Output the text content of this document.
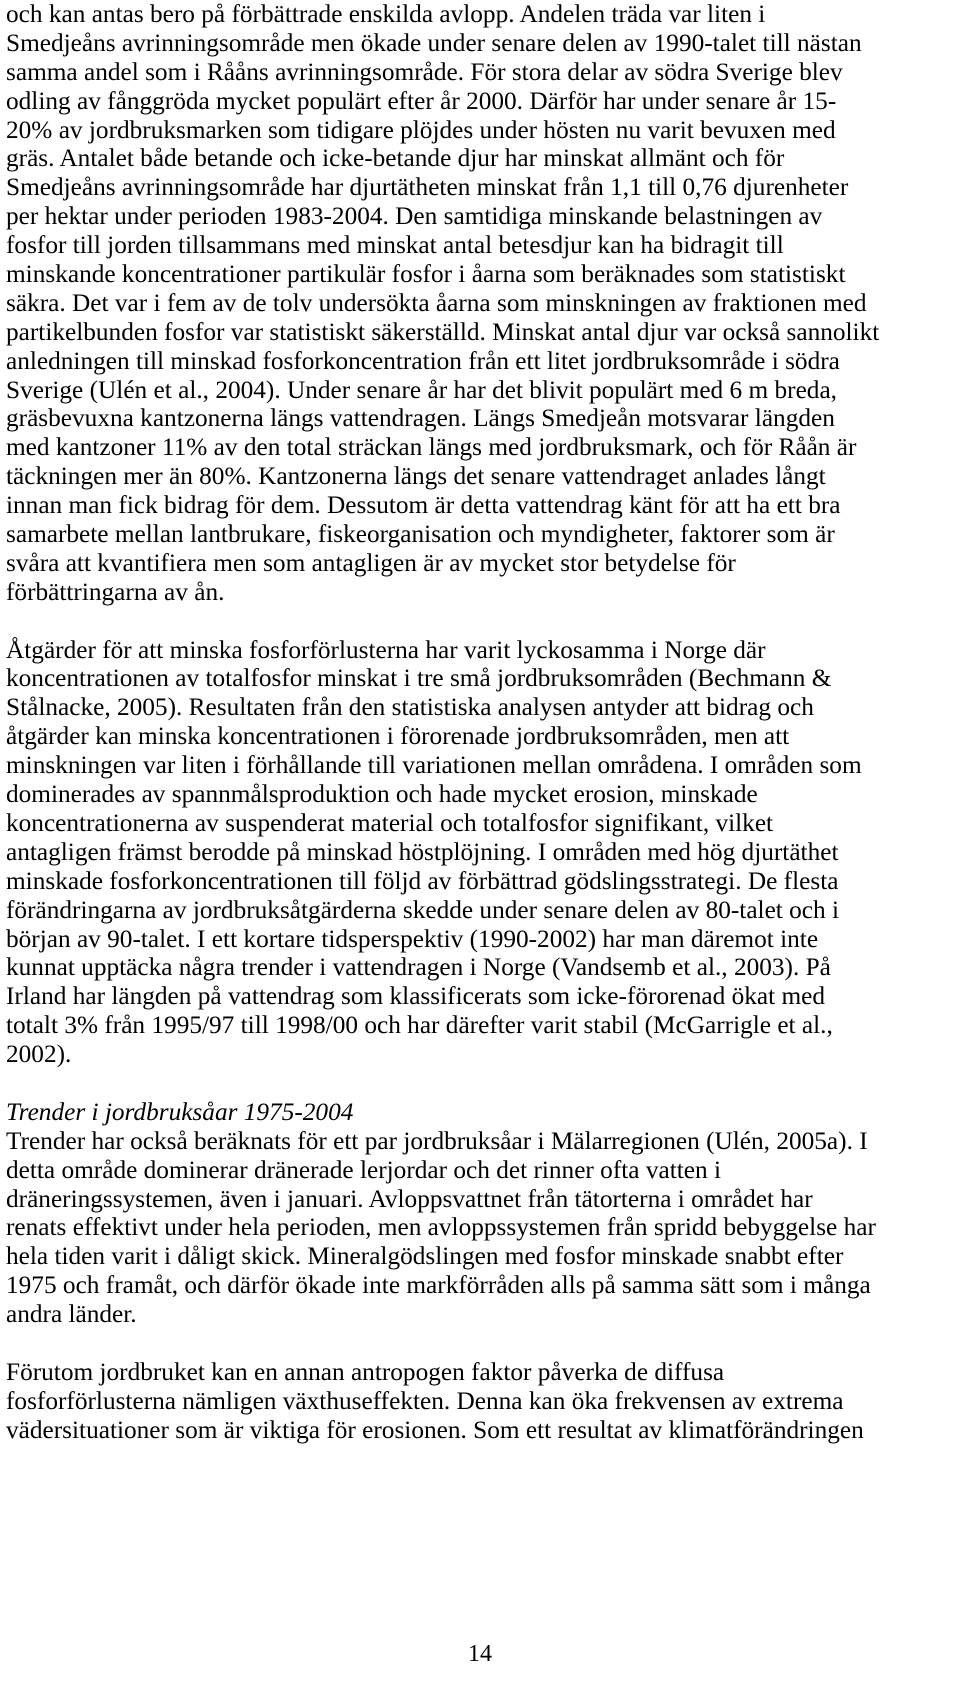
och kan antas bero på förbättrade enskilda avlopp. Andelen träda var liten i
Smedjeåns avrinningsområde men ökade under senare delen av 1990-talet till nästan
samma andel som i Rååns avrinningsområde. För stora delar av södra Sverige blev
odling av fånggröda mycket populärt efter år 2000. Därför har under senare år 15-
20% av jordbruksmarken som tidigare plöjdes under hösten nu varit bevuxen med
gräs. Antalet både betande och icke-betande djur har minskat allmänt och för
Smedjeåns avrinningsområde har djurtätheten minskat från 1,1 till 0,76 djurenheter
per hektar under perioden 1983-2004. Den samtidiga minskande belastningen av
fosfor till jorden tillsammans med minskat antal betesdjur kan ha bidragit till
minskande koncentrationer partikulär fosfor i åarna som beräknades som statistiskt
säkra. Det var i fem av de tolv undersökta åarna som minskningen av fraktionen med
partikelbunden fosfor var statistiskt säkerställd. Minskat antal djur var också sannolikt
anledningen till minskad fosforkoncentration från ett litet jordbruksområde i södra
Sverige (Ulén et al., 2004). Under senare år har det blivit populärt med 6 m breda,
gräsbevuxna kantzonerna längs vattendragen. Längs Smedjeån motsvarar längden
med kantzoner 11% av den total sträckan längs med jordbruksmark, och för Råån är
täckningen mer än 80%. Kantzonerna längs det senare vattendraget anlades långt
innan man fick bidrag för dem. Dessutom är detta vattendrag känt för att ha ett bra
samarbete mellan lantbrukare, fiskeorganisation och myndigheter, faktorer som är
svåra att kvantifiera men som antagligen är av mycket stor betydelse för
förbättringarna av ån.
Åtgärder för att minska fosforförlusterna har varit lyckosamma i Norge där
koncentrationen av totalfosfor minskat i tre små jordbruksområden (Bechmann &
Stålnacke, 2005). Resultaten från den statistiska analysen antyder att bidrag och
åtgärder kan minska koncentrationen i förorenade jordbruksområden, men att
minskningen var liten i förhållande till variationen mellan områdena. I områden som
dominerades av spannmålsproduktion och hade mycket erosion, minskade
koncentrationerna av suspenderat material och totalfosfor signifikant, vilket
antagligen främst berodde på minskad höstplöjning. I områden med hög djurtäthet
minskade fosforkoncentrationen till följd av förbättrad gödslingsstrategi. De flesta
förändringarna av jordbruksåtgärderna skedde under senare delen av 80-talet och i
början av 90-talet. I ett kortare tidsperspektiv (1990-2002) har man däremot inte
kunnat upptäcka några trender i vattendragen i Norge (Vandsemb et al., 2003). På
Irland har längden på vattendrag som klassificerats som icke-förorenad ökat med
totalt 3% från 1995/97 till 1998/00 och har därefter varit stabil (McGarrigle et al.,
2002).
Trender i jordbruksåar 1975-2004
Trender har också beräknats för ett par jordbruksåar i Mälarregionen (Ulén, 2005a). I
detta område dominerar dränerade lerjordar och det rinner ofta vatten i
dräneringssystemen, även i januari. Avloppsvattnet från tätorterna i området har
renats effektivt under hela perioden, men avloppssystemen från spridd bebyggelse har
hela tiden varit i dåligt skick. Mineralgödslingen med fosfor minskade snabbt efter
1975 och framåt, och därför ökade inte markförråden alls på samma sätt som i många
andra länder.
Förutom jordbruket kan en annan antropogen faktor påverka de diffusa
fosforförlusterna nämligen växthuseffekten. Denna kan öka frekvensen av extrema
vädersituationer som är viktiga för erosionen. Som ett resultat av klimatförändringen
14
